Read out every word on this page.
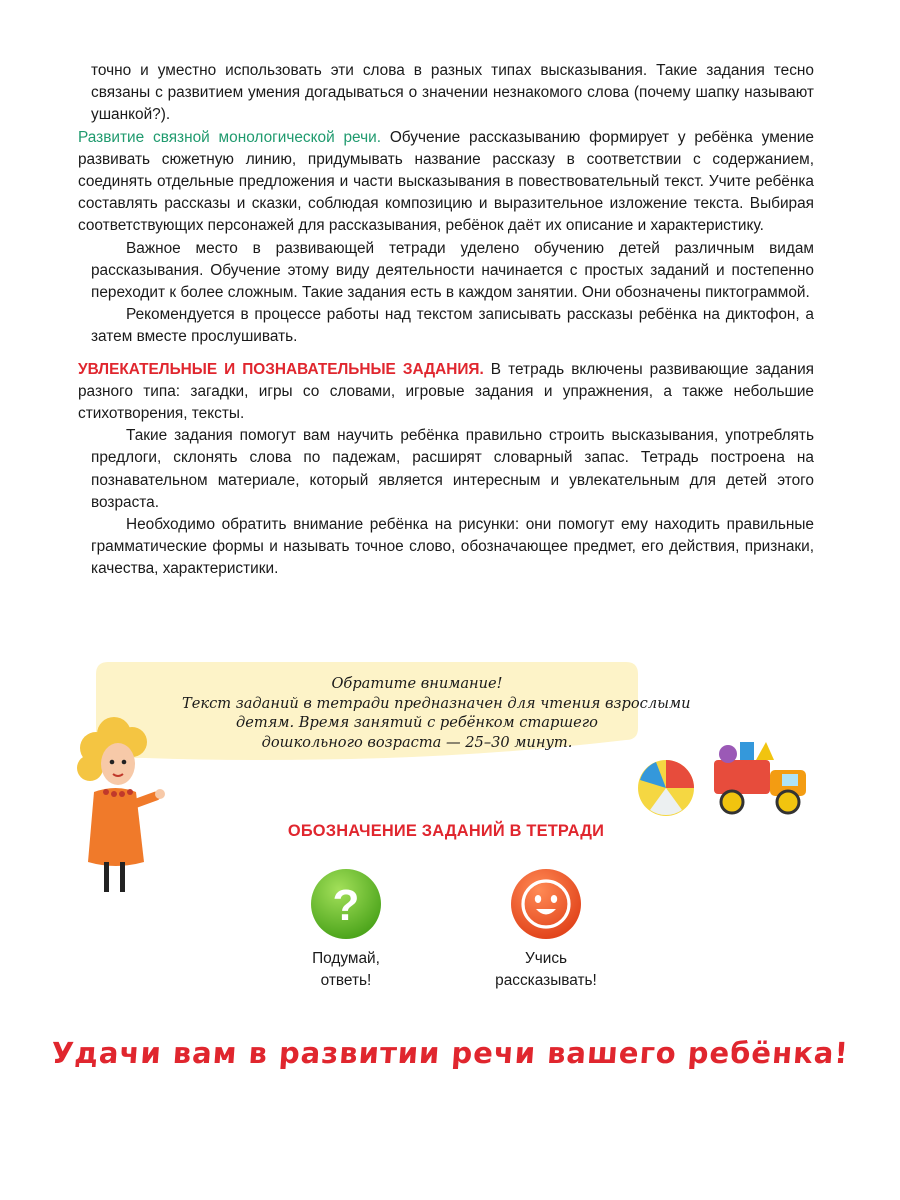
точно и уместно использовать эти слова в разных типах высказывания. Такие задания тесно связаны с развитием умения догадываться о значении незнакомого слова (почему шапку называют ушанкой?).

Развитие связной монологической речи. Обучение рассказыванию формирует у ребёнка умение развивать сюжетную линию, придумывать название рассказу в соответствии с содержанием, соединять отдельные предложения и части высказывания в повествовательный текст. Учите ребёнка составлять рассказы и сказки, соблюдая композицию и выразительное изложение текста. Выбирая соответствующих персонажей для рассказывания, ребёнок даёт их описание и характеристику.

Важное место в развивающей тетради уделено обучению детей различным видам рассказывания. Обучение этому виду деятельности начинается с простых заданий и постепенно переходит к более сложным. Такие задания есть в каждом занятии. Они обозначены пиктограммой.

Рекомендуется в процессе работы над текстом записывать рассказы ребёнка на диктофон, а затем вместе прослушивать.

УВЛЕКАТЕЛЬНЫЕ И ПОЗНАВАТЕЛЬНЫЕ ЗАДАНИЯ. В тетрадь включены развивающие задания разного типа: загадки, игры со словами, игровые задания и упражнения, а также небольшие стихотворения, тексты.

Такие задания помогут вам научить ребёнка правильно строить высказывания, употреблять предлоги, склонять слова по падежам, расширят словарный запас. Тетрадь построена на познавательном материале, который является интересным и увлекательным для детей этого возраста.

Необходимо обратить внимание ребёнка на рисунки: они помогут ему находить правильные грамматические формы и называть точное слово, обозначающее предмет, его действия, признаки, качества, характеристики.

Обратите внимание!
Текст заданий в тетради предназначен для чтения взрослыми
детям. Время занятий с ребёнком старшего
дошкольного возраста — 25–30 минут.
ОБОЗНАЧЕНИЕ ЗАДАНИЙ В ТЕТРАДИ
?
Подумай,
ответь!
Учись
рассказывать!
Удачи вам в развитии речи вашего ребёнка!
